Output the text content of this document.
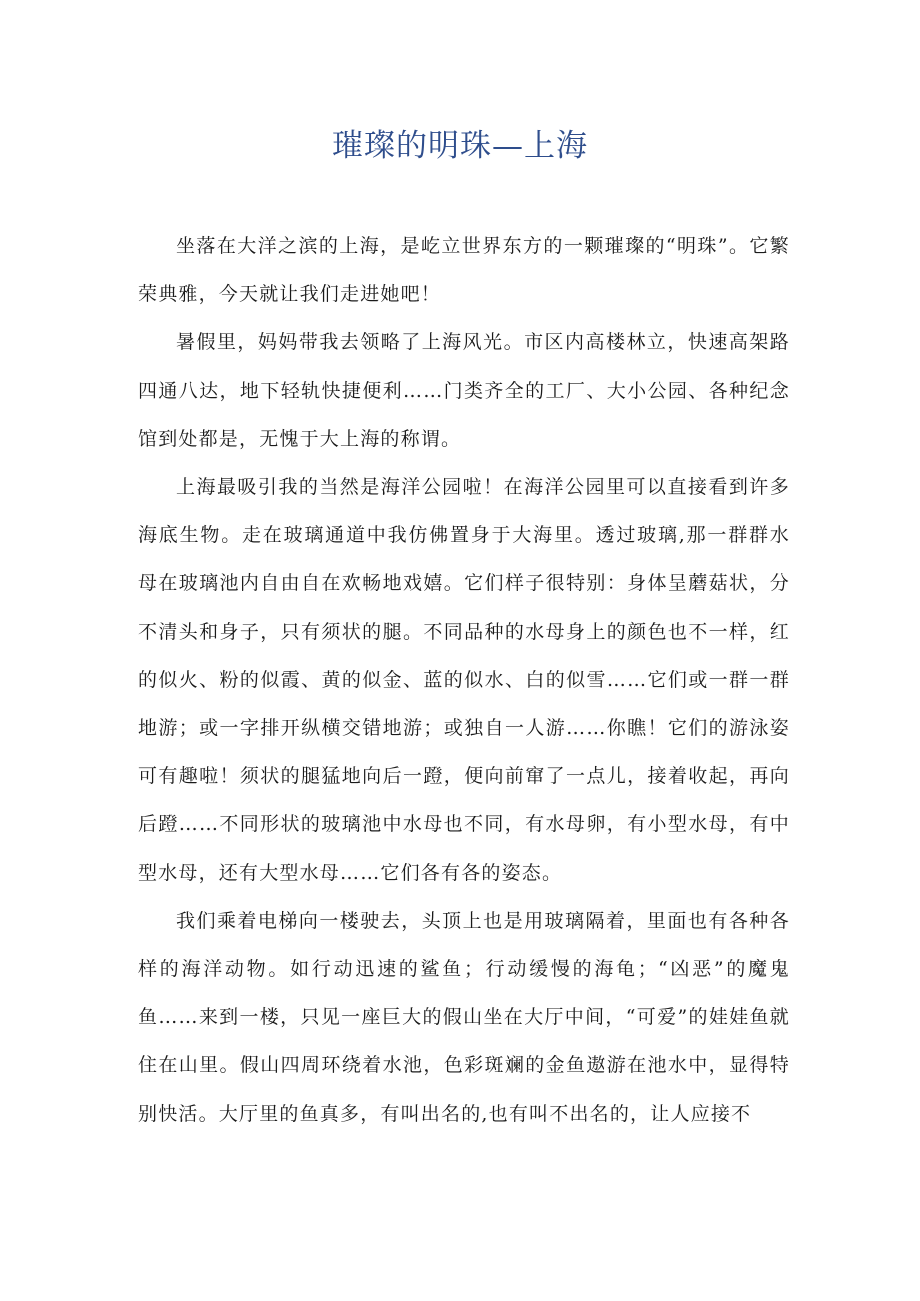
璀璨的明珠—上海

坐落在大洋之滨的上海，是屹立世界东方的一颗璀璨的“明珠”。它繁荣典雅，今天就让我们走进她吧！

暑假里，妈妈带我去领略了上海风光。市区内高楼林立，快速高架路四通八达，地下轻轨快捷便利……门类齐全的工厂、大小公园、各种纪念馆到处都是，无愧于大上海的称谓。

上海最吸引我的当然是海洋公园啦！在海洋公园里可以直接看到许多海底生物。走在玻璃通道中我仿佛置身于大海里。透过玻璃,那一群群水母在玻璃池内自由自在欢畅地戏嬉。它们样子很特别：身体呈蘑菇状，分不清头和身子，只有须状的腿。不同品种的水母身上的颜色也不一样，红的似火、粉的似霞、黄的似金、蓝的似水、白的似雪……它们或一群一群地游；或一字排开纵横交错地游；或独自一人游……你瞧！它们的游泳姿可有趣啦！须状的腿猛地向后一蹬，便向前窜了一点儿，接着收起，再向后蹬……不同形状的玻璃池中水母也不同，有水母卵，有小型水母，有中型水母，还有大型水母……它们各有各的姿态。

我们乘着电梯向一楼驶去，头顶上也是用玻璃隔着，里面也有各种各样的海洋动物。如行动迅速的鲨鱼；行动缓慢的海龟；“凶恶”的魔鬼鱼……来到一楼，只见一座巨大的假山坐在大厅中间，“可爱”的娃娃鱼就住在山里。假山四周环绕着水池，色彩斑斓的金鱼遨游在池水中，显得特别快活。大厅里的鱼真多，有叫出名的,也有叫不出名的，让人应接不
